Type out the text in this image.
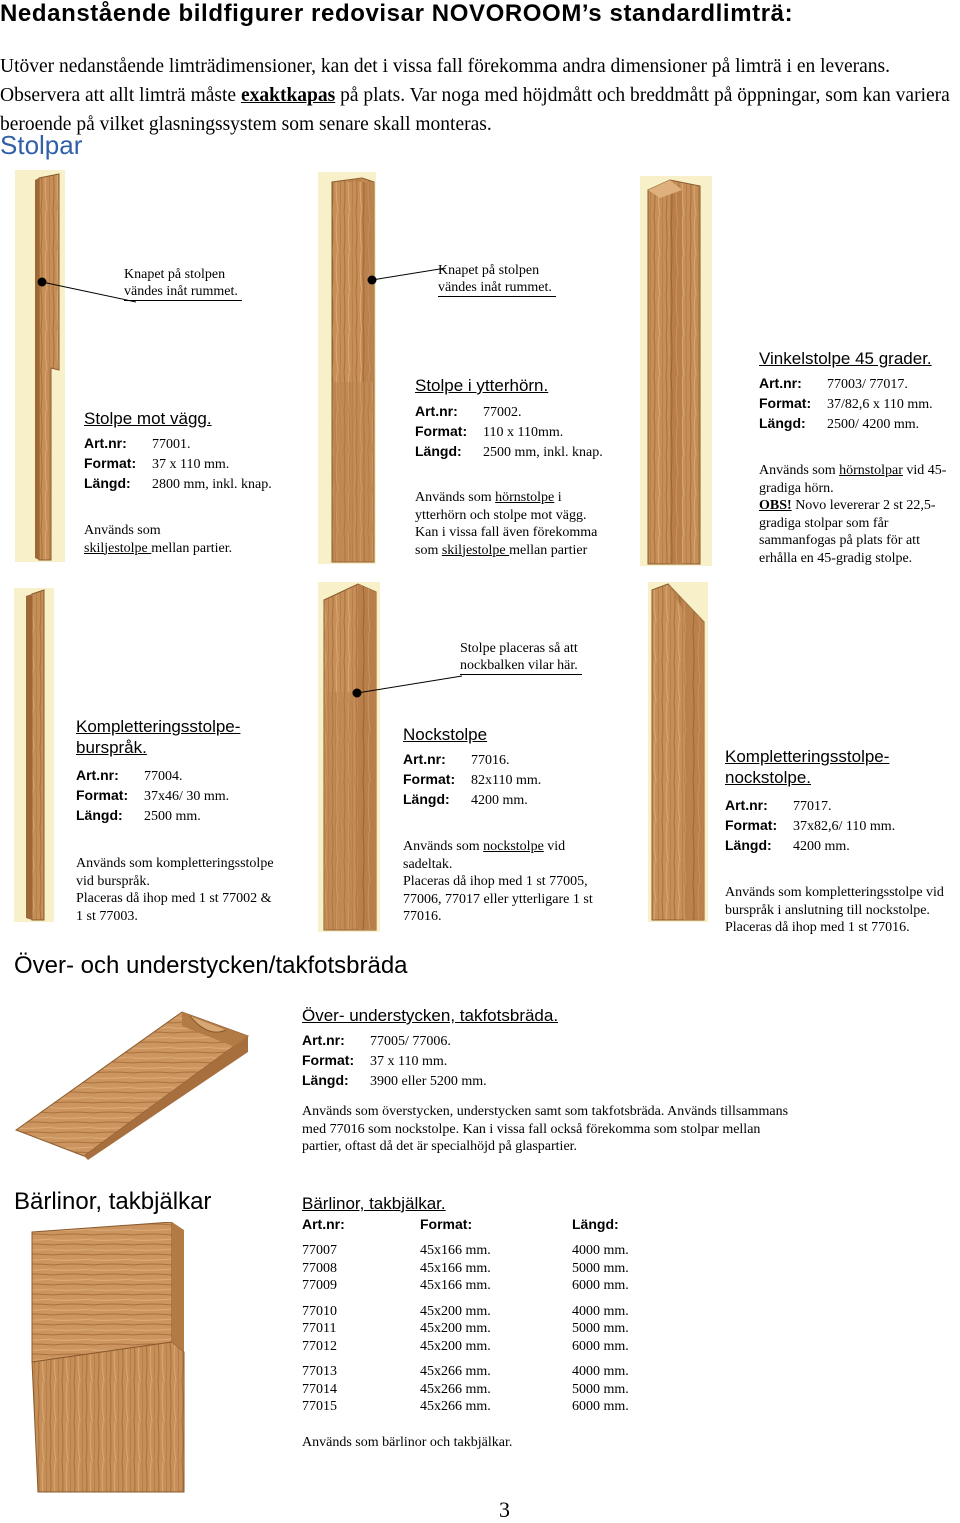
Nedanstående bildfigurer redovisar NOVOROOM’s standardlimträ:
Utöver nedanstående limträdimensioner, kan det i vissa fall förekomma andra dimensioner på limträ i en leverans. Observera att allt limträ måste exaktkapas på plats. Var noga med höjdmått och breddmått på öppningar, som kan variera beroende på vilket glasningssystem som senare skall monteras.
Stolpar
Knapet på stolpen
vändes inåt rummet.
Knapet på stolpen
vändes inåt rummet.
Stolpe mot vägg.
Art.nr: 77001.
Format: 37 x 110 mm.
Längd: 2800 mm, inkl. knap.
Används som
skiljestolpe mellan partier.
Stolpe i ytterhörn.
Art.nr: 77002.
Format: 110 x 110mm.
Längd: 2500 mm, inkl. knap.
Används som hörnstolpe i
ytterhörn och stolpe mot vägg.
Kan i vissa fall även förekomma
som skiljestolpe mellan partier
Vinkelstolpe 45 grader.
Art.nr: 77003/ 77017.
Format: 37/82,6 x 110 mm.
Längd: 2500/ 4200 mm.
Används som hörnstolpar vid 45-
gradiga hörn.
OBS! Novo levererar 2 st 22,5-
gradiga stolpar som får
sammanfogas på plats för att
erhålla en 45-gradig stolpe.
Stolpe placeras så att
nockbalken vilar här.
Kompletteringsstolpe-
burspråk.
Art.nr: 77004.
Format: 37x46/ 30 mm.
Längd: 2500 mm.
Används som kompletteringsstolpe
vid burspråk.
Placeras då ihop med 1 st 77002 &
1 st 77003.
Nockstolpe
Art.nr: 77016.
Format: 82x110 mm.
Längd: 4200 mm.
Används som nockstolpe vid
sadeltak.
Placeras då ihop med 1 st 77005,
77006, 77017 eller ytterligare 1 st
77016.
Kompletteringsstolpe-
nockstolpe.
Art.nr: 77017.
Format: 37x82,6/ 110 mm.
Längd: 4200 mm.
Används som kompletteringsstolpe vid
burspråk i anslutning till nockstolpe.
Placeras då ihop med 1 st 77016.
Över- och understycken/takfotsbräda
Över- understycken, takfotsbräda.
Art.nr: 77005/ 77006.
Format: 37 x 110 mm.
Längd: 3900 eller 5200 mm.
Används som överstycken, understycken samt som takfotsbräda. Används tillsammans
med 77016 som nockstolpe. Kan i vissa fall också förekomma som stolpar mellan
partier, oftast då det är specialhöjd på glaspartier.
Bärlinor, takbjälkar	Bärlinor, takbjälkar.
Art.nr:	Format:	Längd:
77007	45x166 mm.	4000 mm.
77008	45x166 mm.	5000 mm.
77009	45x166 mm.	6000 mm.
77010	45x200 mm.	4000 mm.
77011	45x200 mm.	5000 mm.
77012	45x200 mm.	6000 mm.
77013	45x266 mm.	4000 mm.
77014	45x266 mm.	5000 mm.
77015	45x266 mm.	6000 mm.
Används som bärlinor och takbjälkar.
3
